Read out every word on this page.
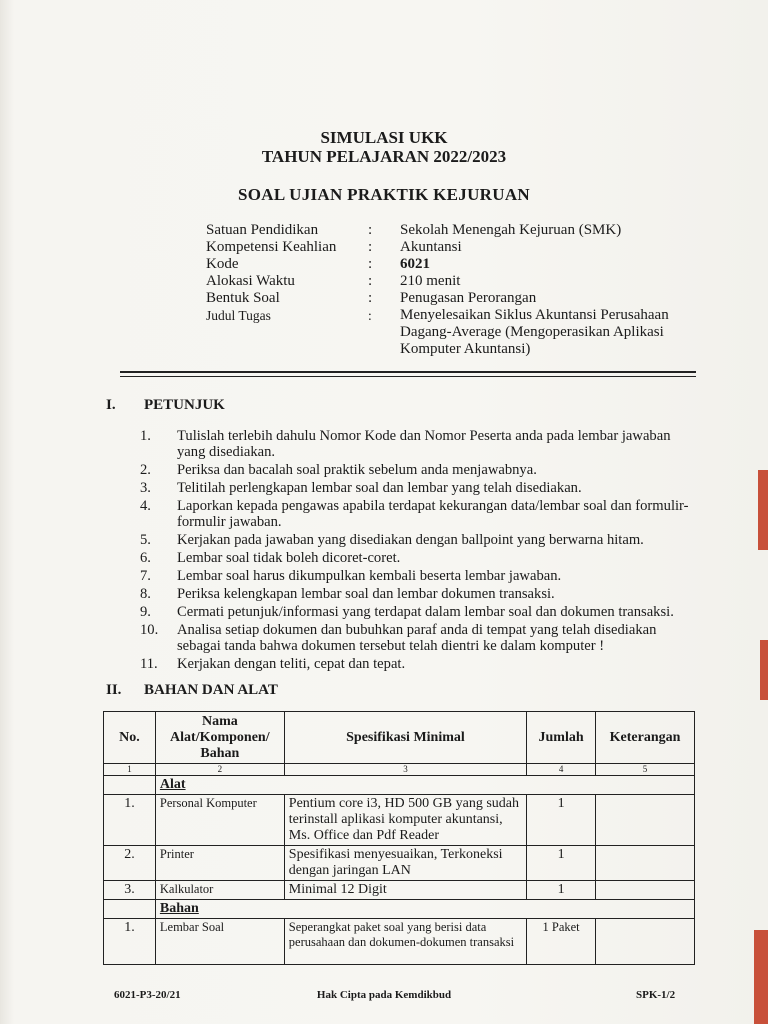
SIMULASI UKK
TAHUN PELAJARAN 2022/2023
SOAL UJIAN PRAKTIK KEJURUAN
Satuan Pendidikan	:	Sekolah Menengah Kejuruan (SMK)
Kompetensi Keahlian	:	Akuntansi
Kode	:	6021
Alokasi Waktu	:	210 menit
Bentuk Soal	:	Penugasan Perorangan
Judul Tugas	:	Menyelesaikan Siklus Akuntansi Perusahaan Dagang-Average (Mengoperasikan Aplikasi Komputer Akuntansi)
I. PETUNJUK
1.	Tulislah terlebih dahulu Nomor Kode dan Nomor Peserta anda pada lembar jawaban yang disediakan.
2.	Periksa dan bacalah soal praktik sebelum anda menjawabnya.
3.	Telitilah perlengkapan lembar soal dan lembar yang telah disediakan.
4.	Laporkan kepada pengawas apabila terdapat kekurangan data/lembar soal dan formulir-formulir jawaban.
5.	Kerjakan pada jawaban yang disediakan dengan ballpoint yang berwarna hitam.
6.	Lembar soal tidak boleh dicoret-coret.
7.	Lembar soal harus dikumpulkan kembali beserta lembar jawaban.
8.	Periksa kelengkapan lembar soal dan lembar dokumen transaksi.
9.	Cermati petunjuk/informasi yang terdapat dalam lembar soal dan dokumen transaksi.
10.	Analisa setiap dokumen dan bubuhkan paraf anda di tempat yang telah disediakan sebagai tanda bahwa dokumen tersebut telah dientri ke dalam komputer !
11.	Kerjakan dengan teliti, cepat dan tepat.
II. BAHAN DAN ALAT
No.	Nama Alat/Komponen/ Bahan	Spesifikasi Minimal	Jumlah	Keterangan
1	2	3	4	5
	Alat			
1.	Personal Komputer	Pentium core i3, HD 500 GB yang sudah terinstall aplikasi komputer akuntansi, Ms. Office dan Pdf Reader	1	
2.	Printer	Spesifikasi menyesuaikan, Terkoneksi dengan jaringan LAN	1	
3.	Kalkulator	Minimal 12 Digit	1	
	Bahan			
1.	Lembar Soal	Seperangkat paket soal yang berisi data perusahaan dan dokumen-dokumen transaksi	1 Paket	
6021-P3-20/21	Hak Cipta pada Kemdikbud	SPK-1/2
